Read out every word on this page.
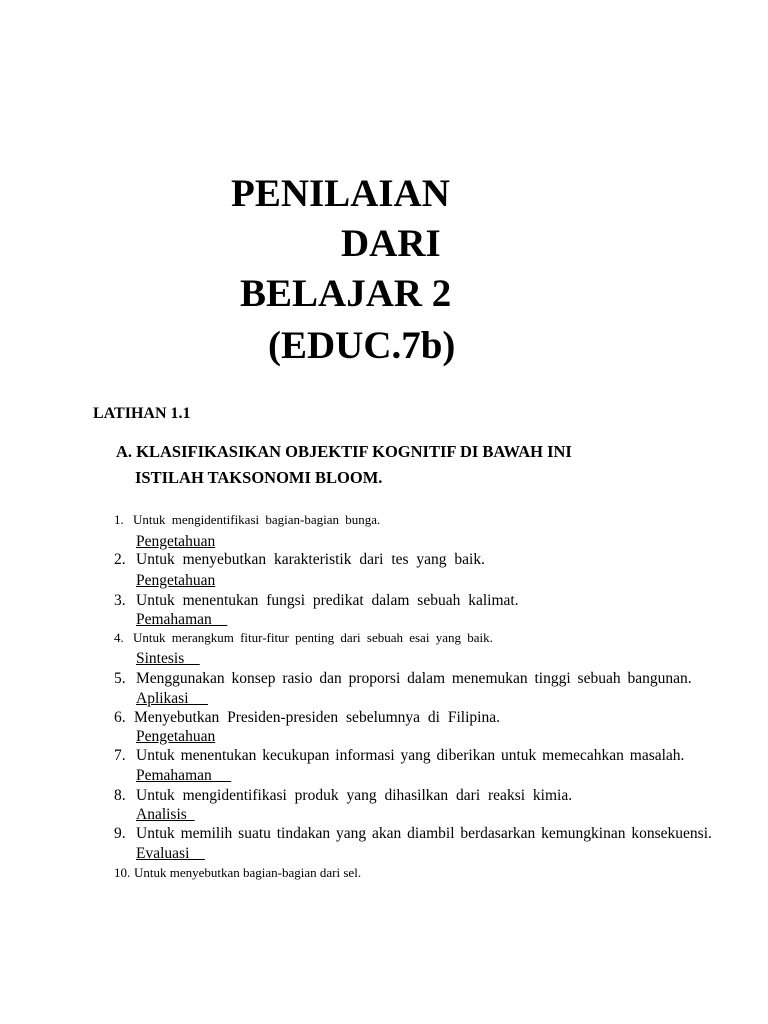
PENILAIAN
DARI
BELAJAR 2
(EDUC.7b)
LATIHAN 1.1
A. KLASIFIKASIKAN OBJEKTIF KOGNITIF DI BAWAH INI
ISTILAH TAKSONOMI BLOOM.
1. Untuk mengidentifikasi bagian-bagian bunga.
Pengetahuan
2. Untuk menyebutkan karakteristik dari tes yang baik.
Pengetahuan
3. Untuk menentukan fungsi predikat dalam sebuah kalimat.
Pemahaman
4. Untuk merangkum fitur-fitur penting dari sebuah esai yang baik.
Sintesis
5. Menggunakan konsep rasio dan proporsi dalam menemukan tinggi sebuah bangunan.
Aplikasi
6. Menyebutkan Presiden-presiden sebelumnya di Filipina.
Pengetahuan
7. Untuk menentukan kecukupan informasi yang diberikan untuk memecahkan masalah.
Pemahaman
8. Untuk mengidentifikasi produk yang dihasilkan dari reaksi kimia.
Analisis
9. Untuk memilih suatu tindakan yang akan diambil berdasarkan kemungkinan konsekuensi.
Evaluasi
10. Untuk menyebutkan bagian-bagian dari sel.
